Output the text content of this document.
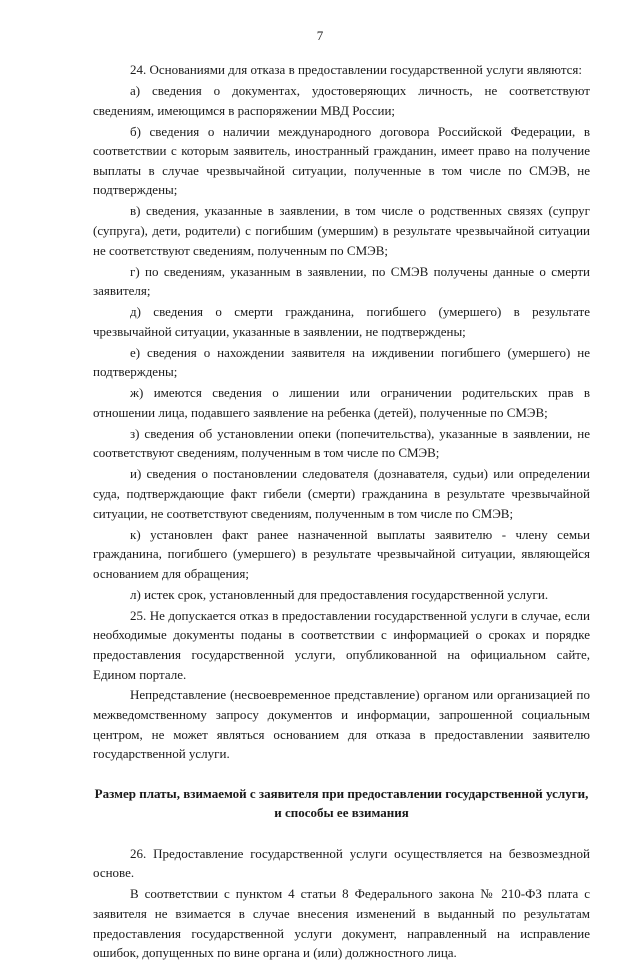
7

24. Основаниями для отказа в предоставлении государственной услуги являются:

а) сведения о документах, удостоверяющих личность, не соответствуют сведениям, имеющимся в распоряжении МВД России;

б) сведения о наличии международного договора Российской Федерации, в соответствии с которым заявитель, иностранный гражданин, имеет право на получение выплаты в случае чрезвычайной ситуации, полученные в том числе по СМЭВ, не подтверждены;

в) сведения, указанные в заявлении, в том числе о родственных связях (супруг (супруга), дети, родители) с погибшим (умершим) в результате чрезвычайной ситуации не соответствуют сведениям, полученным по СМЭВ;

г) по сведениям, указанным в заявлении, по СМЭВ получены данные о смерти заявителя;

д) сведения о смерти гражданина, погибшего (умершего) в результате чрезвычайной ситуации, указанные в заявлении, не подтверждены;

е) сведения о нахождении заявителя на иждивении погибшего (умершего) не подтверждены;

ж) имеются сведения о лишении или ограничении родительских прав в отношении лица, подавшего заявление на ребенка (детей), полученные по СМЭВ;

з) сведения об установлении опеки (попечительства), указанные в заявлении, не соответствуют сведениям, полученным в том числе по СМЭВ;

и) сведения о постановлении следователя (дознавателя, судьи) или определении суда, подтверждающие факт гибели (смерти) гражданина в результате чрезвычайной ситуации, не соответствуют сведениям, полученным в том числе по СМЭВ;

к) установлен факт ранее назначенной выплаты заявителю - члену семьи гражданина, погибшего (умершего) в результате чрезвычайной ситуации, являющейся основанием для обращения;

л) истек срок, установленный для предоставления государственной услуги.

25. Не допускается отказ в предоставлении государственной услуги в случае, если необходимые документы поданы в соответствии с информацией о сроках и порядке предоставления государственной услуги, опубликованной на официальном сайте, Едином портале.

Непредставление (несвоевременное представление) органом или организацией по межведомственному запросу документов и информации, запрошенной социальным центром, не может являться основанием для отказа в предоставлении заявителю государственной услуги.

Размер платы, взимаемой с заявителя при предоставлении государственной услуги, и способы ее взимания

26. Предоставление государственной услуги осуществляется на безвозмездной основе.

В соответствии с пунктом 4 статьи 8 Федерального закона № 210-ФЗ плата с заявителя не взимается в случае внесения изменений в выданный по результатам предоставления государственной услуги документ, направленный на исправление ошибок, допущенных по вине органа и (или) должностного лица.
